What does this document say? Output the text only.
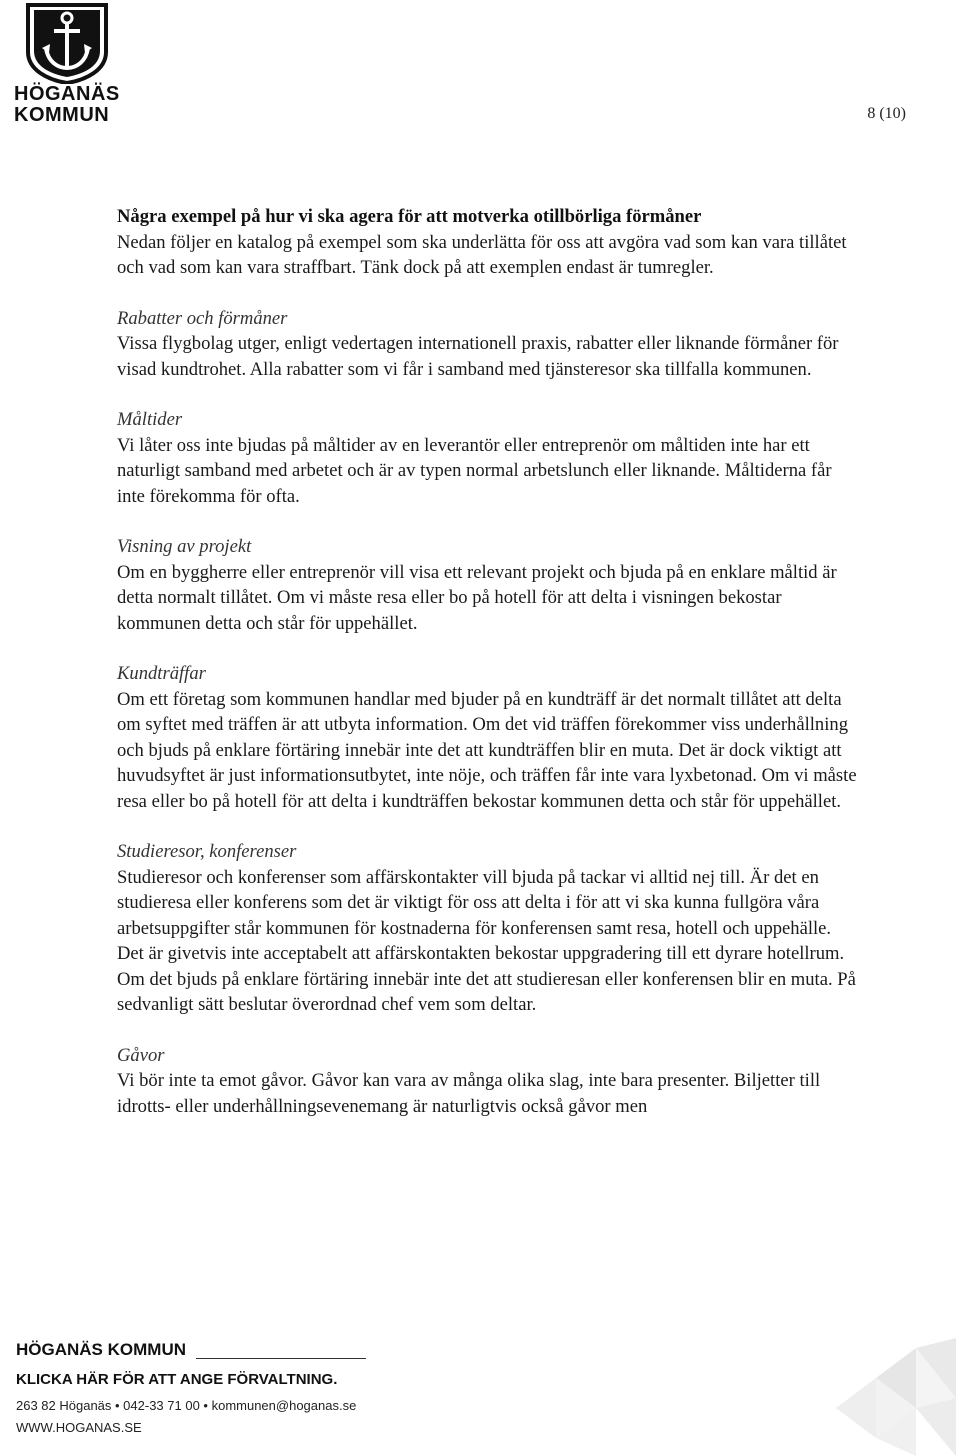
HÖGANÄS
KOMMUN	8 (10)

Några exempel på hur vi ska agera för att motverka otillbörliga förmåner

Nedan följer en katalog på exempel som ska underlätta för oss att avgöra vad som kan vara tillåtet och vad som kan vara straffbart. Tänk dock på att exemplen endast är tumregler.

Rabatter och förmåner

Vissa flygbolag utger, enligt vedertagen internationell praxis, rabatter eller liknande förmåner för visad kundtrohet. Alla rabatter som vi får i samband med tjänsteresor ska tillfalla kommunen.

Måltider

Vi låter oss inte bjudas på måltider av en leverantör eller entreprenör om måltiden inte har ett naturligt samband med arbetet och är av typen normal arbetslunch eller liknande. Måltiderna får inte förekomma för ofta.

Visning av projekt

Om en byggherre eller entreprenör vill visa ett relevant projekt och bjuda på en enklare måltid är detta normalt tillåtet. Om vi måste resa eller bo på hotell för att delta i visningen bekostar kommunen detta och står för uppehället.

Kundträffar

Om ett företag som kommunen handlar med bjuder på en kundträff är det normalt tillåtet att delta om syftet med träffen är att utbyta information. Om det vid träffen förekommer viss underhållning och bjuds på enklare förtäring innebär inte det att kundträffen blir en muta. Det är dock viktigt att huvudsyftet är just informationsutbytet, inte nöje, och träffen får inte vara lyxbetonad. Om vi måste resa eller bo på hotell för att delta i kundträffen bekostar kommunen detta och står för uppehället.

Studieresor, konferenser

Studieresor och konferenser som affärskontakter vill bjuda på tackar vi alltid nej till. Är det en studieresa eller konferens som det är viktigt för oss att delta i för att vi ska kunna fullgöra våra arbetsuppgifter står kommunen för kostnaderna för konferensen samt resa, hotell och uppehälle. Det är givetvis inte acceptabelt att affärskontakten bekostar uppgradering till ett dyrare hotellrum. Om det bjuds på enklare förtäring innebär inte det att studieresan eller konferensen blir en muta. På sedvanligt sätt beslutar överordnad chef vem som deltar.

Gåvor

Vi bör inte ta emot gåvor. Gåvor kan vara av många olika slag, inte bara presenter. Biljetter till idrotts- eller underhållningsevenemang är naturligtvis också gåvor men

HÖGANÄS KOMMUN
KLICKA HÄR FÖR ATT ANGE FÖRVALTNING.
263 82 Höganäs • 042-33 71 00 • kommunen@hoganas.se
WWW.HOGANAS.SE
